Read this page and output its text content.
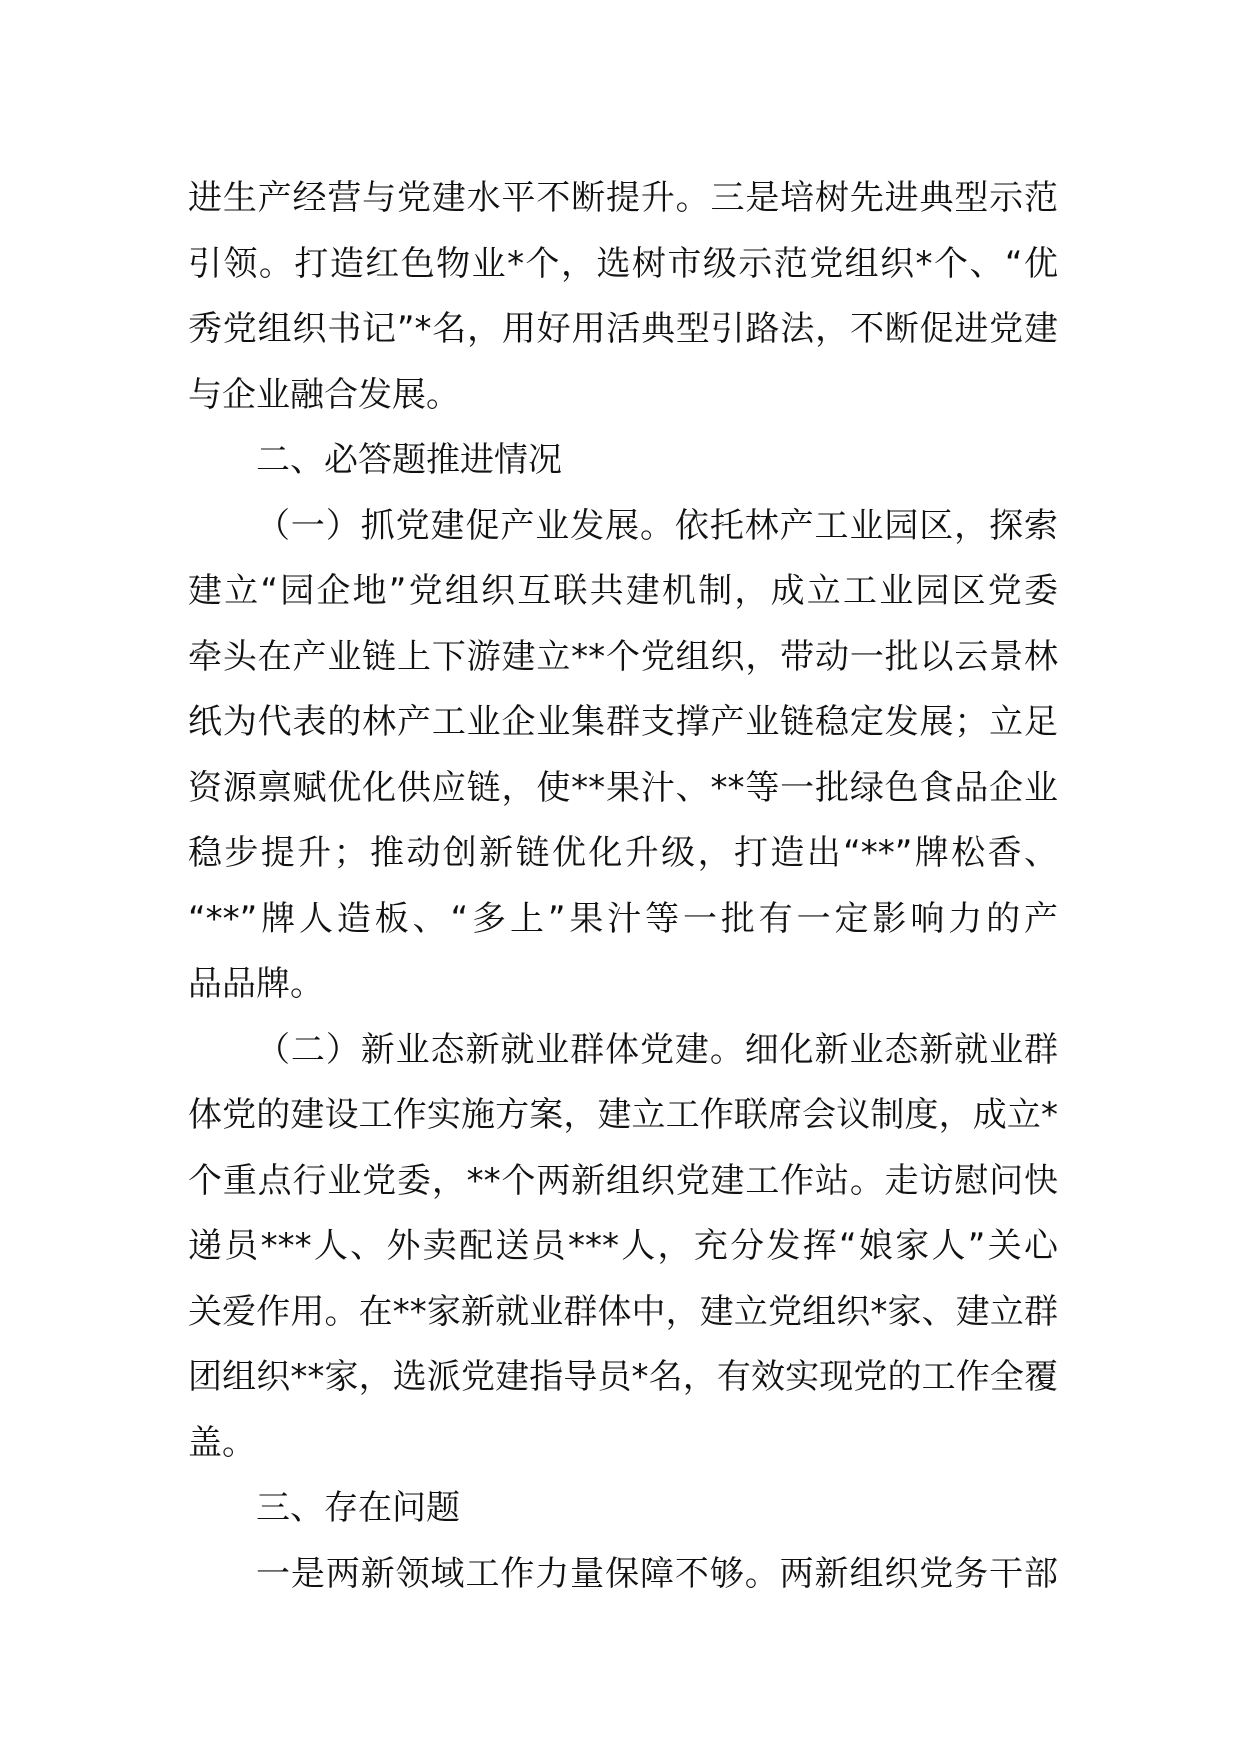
进生产经营与党建水平不断提升。三是培树先进典型示范
引领。打造红色物业*个，选树市级示范党组织*个、“优
秀党组织书记”*名，用好用活典型引路法，不断促进党建
与企业融合发展。
二、必答题推进情况
（一）抓党建促产业发展。依托林产工业园区，探索
建立“园企地”党组织互联共建机制，成立工业园区党委
牵头在产业链上下游建立**个党组织，带动一批以云景林
纸为代表的林产工业企业集群支撑产业链稳定发展；立足
资源禀赋优化供应链，使**果汁、**等一批绿色食品企业
稳步提升；推动创新链优化升级，打造出“**”牌松香、
“**”牌人造板、“多上”果汁等一批有一定影响力的产
品品牌。
（二）新业态新就业群体党建。细化新业态新就业群
体党的建设工作实施方案，建立工作联席会议制度，成立*
个重点行业党委，**个两新组织党建工作站。走访慰问快
递员***人、外卖配送员***人，充分发挥“娘家人”关心
关爱作用。在**家新就业群体中，建立党组织*家、建立群
团组织**家，选派党建指导员*名，有效实现党的工作全覆
盖。
三、存在问题
一是两新领域工作力量保障不够。两新组织党务干部
